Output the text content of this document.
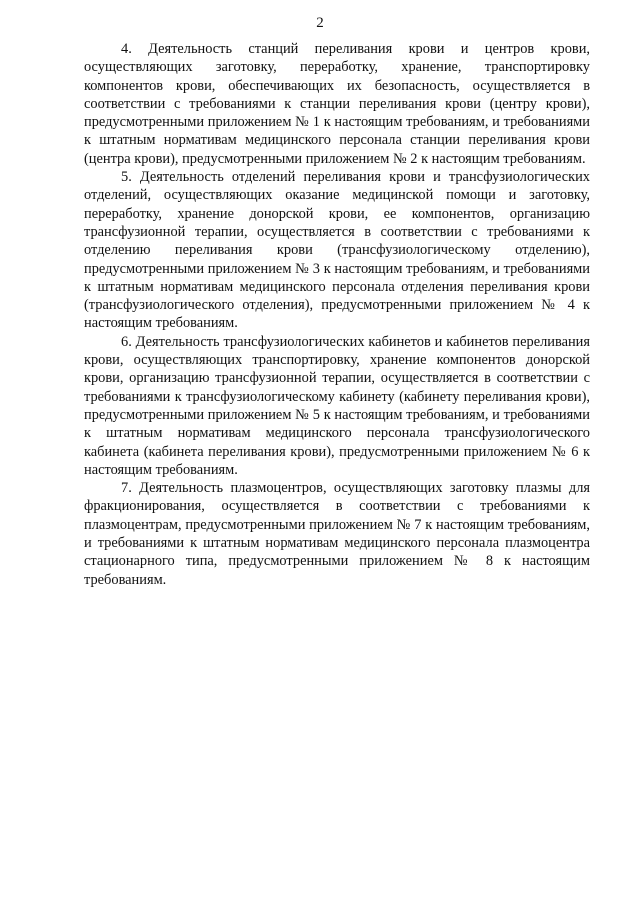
2

4. Деятельность станций переливания крови и центров крови, осуществляющих заготовку, переработку, хранение, транспортировку компонентов крови, обеспечивающих их безопасность, осуществляется в соответствии с требованиями к станции переливания крови (центру крови), предусмотренными приложением № 1 к настоящим требованиям, и требованиями к штатным нормативам медицинского персонала станции переливания крови (центра крови), предусмотренными приложением № 2 к настоящим требованиям.

5. Деятельность отделений переливания крови и трансфузиологических отделений, осуществляющих оказание медицинской помощи и заготовку, переработку, хранение донорской крови, ее компонентов, организацию трансфузионной терапии, осуществляется в соответствии с требованиями к отделению переливания крови (трансфузиологическому отделению), предусмотренными приложением № 3 к настоящим требованиям, и требованиями к штатным нормативам медицинского персонала отделения переливания крови (трансфузиологического отделения), предусмотренными приложением № 4 к настоящим требованиям.

6. Деятельность трансфузиологических кабинетов и кабинетов переливания крови, осуществляющих транспортировку, хранение компонентов донорской крови, организацию трансфузионной терапии, осуществляется в соответствии с требованиями к трансфузиологическому кабинету (кабинету переливания крови), предусмотренными приложением № 5 к настоящим требованиям, и требованиями к штатным нормативам медицинского персонала трансфузиологического кабинета (кабинета переливания крови), предусмотренными приложением № 6 к настоящим требованиям.

7. Деятельность плазмоцентров, осуществляющих заготовку плазмы для фракционирования, осуществляется в соответствии с требованиями к плазмоцентрам, предусмотренными приложением № 7 к настоящим требованиям, и требованиями к штатным нормативам медицинского персонала плазмоцентра стационарного типа, предусмотренными приложением № 8 к настоящим требованиям.
